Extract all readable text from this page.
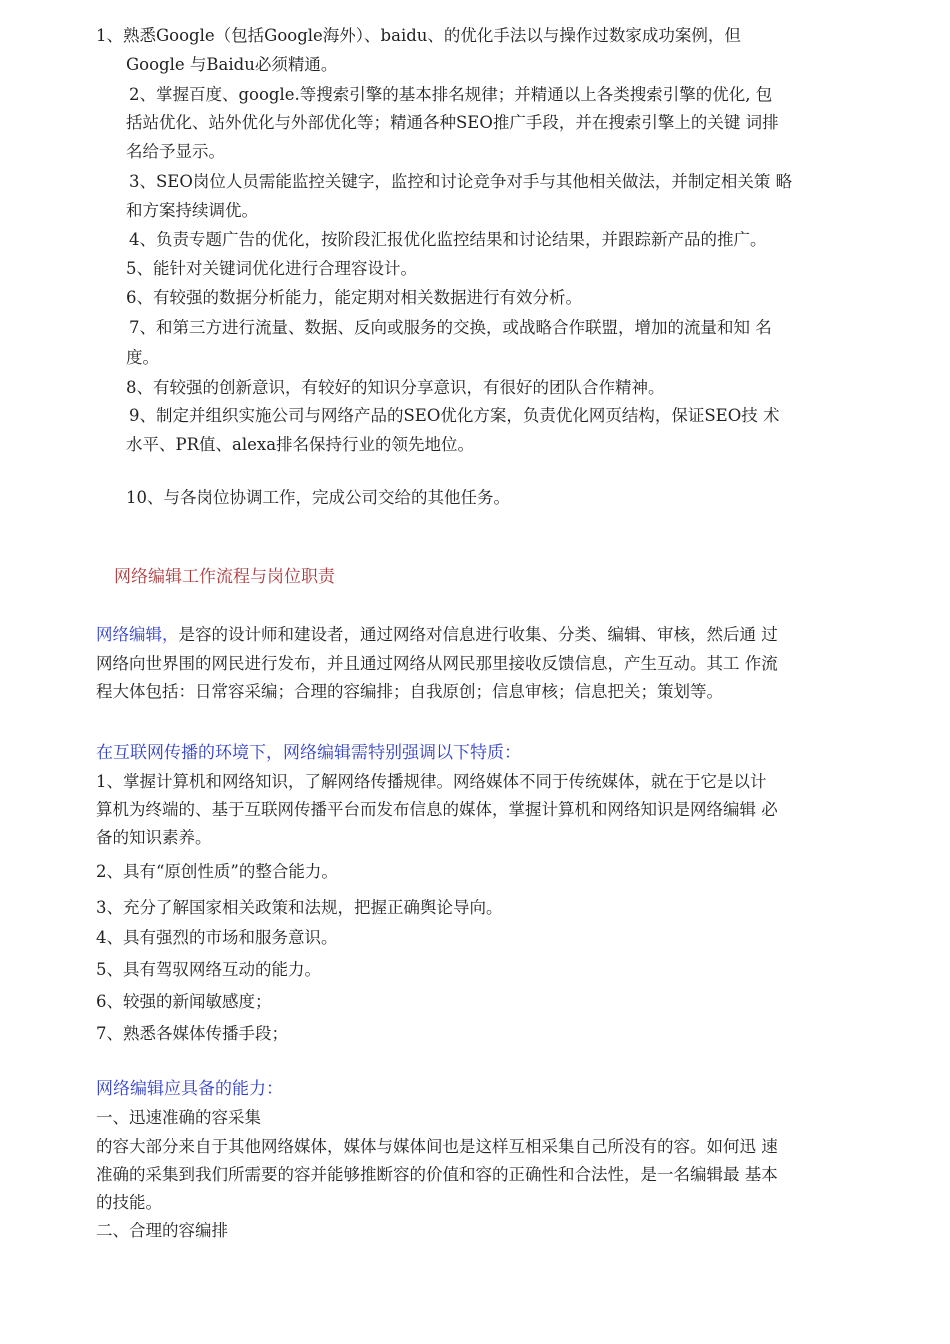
1、熟悉Google（包括Google海外）、baidu、的优化手法以与操作过数家成功案例，但
Google 与Baidu必须精通。
2、掌握百度、google.等搜索引擎的基本排名规律；并精通以上各类搜索引擎的优化, 包
括站优化、站外优化与外部优化等；精通各种SEO推广手段，并在搜索引擎上的关键 词排
名给予显示。
3、SEO岗位人员需能监控关键字，监控和讨论竞争对手与其他相关做法，并制定相关策 略
和方案持续调优。
4、负责专题广告的优化，按阶段汇报优化监控结果和讨论结果，并跟踪新产品的推广。
5、能针对关键词优化进行合理容设计。
6、有较强的数据分析能力，能定期对相关数据进行有效分析。
7、和第三方进行流量、数据、反向或服务的交换，或战略合作联盟，增加的流量和知 名
度。
8、有较强的创新意识，有较好的知识分享意识，有很好的团队合作精神。
9、制定并组织实施公司与网络产品的SEO优化方案，负责优化网页结构，保证SEO技 术
水平、PR值、alexa排名保持行业的领先地位。
10、与各岗位协调工作，完成公司交给的其他任务。
网络编辑工作流程与岗位职责
网络编辑，是容的设计师和建设者，通过网络对信息进行收集、分类、编辑、审核，然后通 过
网络向世界围的网民进行发布，并且通过网络从网民那里接收反馈信息，产生互动。其工 作流
程大体包括：日常容采编；合理的容编排；自我原创；信息审核；信息把关；策划等。
在互联网传播的环境下，网络编辑需特别强调以下特质：
1、掌握计算机和网络知识，了解网络传播规律。网络媒体不同于传统媒体，就在于它是以计
算机为终端的、基于互联网传播平台而发布信息的媒体，掌握计算机和网络知识是网络编辑 必
备的知识素养。
2、具有“原创性质”的整合能力。
3、充分了解国家相关政策和法规，把握正确舆论导向。
4、具有强烈的市场和服务意识。
5、具有驾驭网络互动的能力。
6、较强的新闻敏感度；
7、熟悉各媒体传播手段；
网络编辑应具备的能力：
一、迅速准确的容采集
的容大部分来自于其他网络媒体，媒体与媒体间也是这样互相采集自己所没有的容。如何迅 速
准确的采集到我们所需要的容并能够推断容的价值和容的正确性和合法性，是一名编辑最 基本
的技能。
二、合理的容编排
